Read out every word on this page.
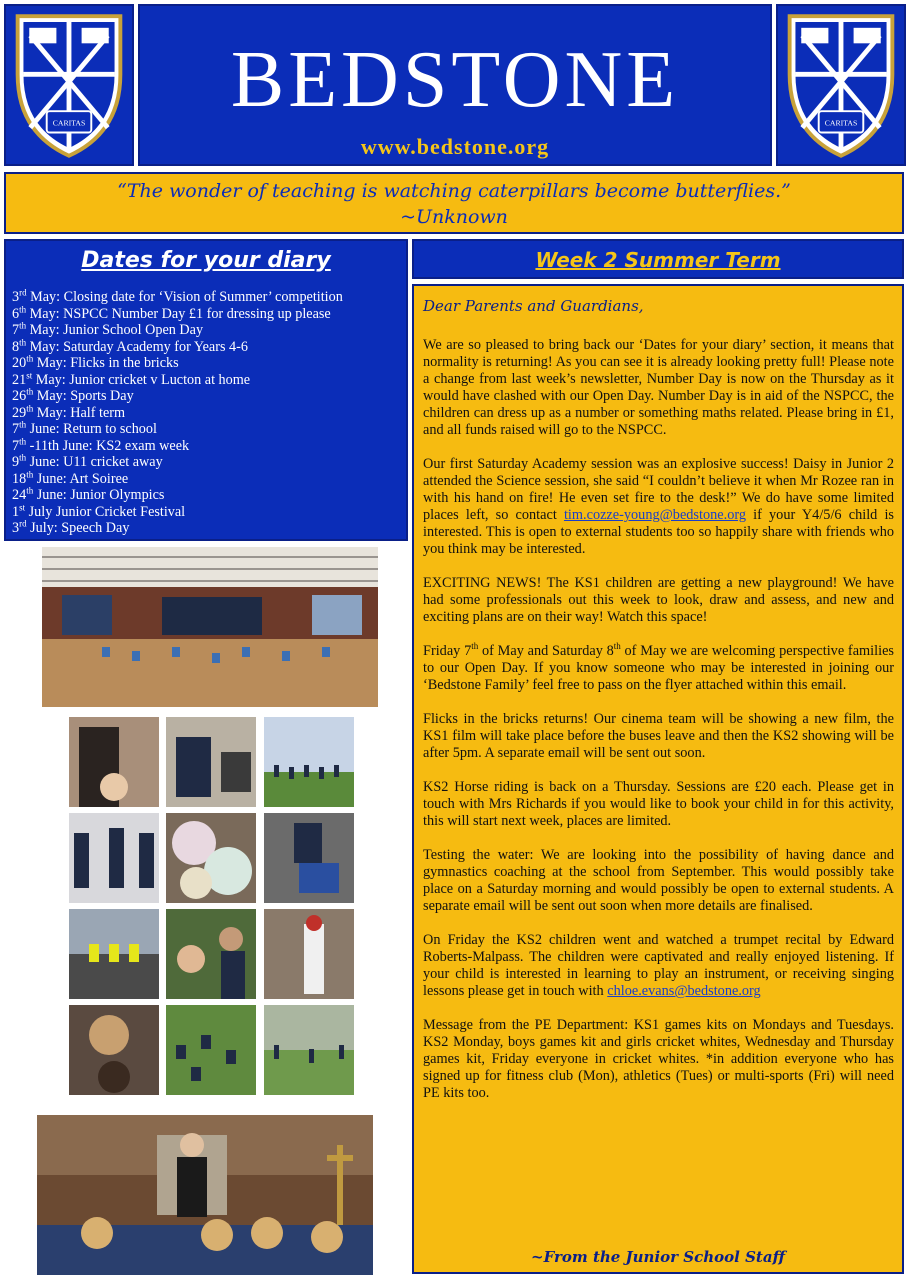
CARITAS	BEDSTONE
www.bedstone.org
CARITAS
“The wonder of teaching is watching caterpillars become butterflies.”
~Unknown
Dates for your diary
3rd May: Closing date for ‘Vision of Summer’ competition
6th May: NSPCC Number Day £1 for dressing up please
7th May: Junior School Open Day
8th May: Saturday Academy for Years 4-6
20th May: Flicks in the bricks
21st May: Junior cricket v Lucton at home
26th May: Sports Day
29th May: Half term
7th June: Return to school
7th -11th June: KS2 exam week
9th June: U11 cricket away
18th June: Art Soiree
24th June: Junior Olympics
1st July Junior Cricket Festival
3rd July: Speech Day
Week 2 Summer Term
Dear Parents and Guardians,

We are so pleased to bring back our ‘Dates for your diary’ section, it means that normality is returning! As you can see it is already looking pretty full! Please note a change from last week’s newsletter, Number Day is now on the Thursday as it would have clashed with our Open Day. Number Day is in aid of the NSPCC, the children can dress up as a number or something maths related. Please bring in £1, and all funds raised will go to the NSPCC.

Our first Saturday Academy session was an explosive success! Daisy in Junior 2 attended the Science session, she said “I couldn’t believe it when Mr Rozee ran in with his hand on fire! He even set fire to the desk!” We do have some limited places left, so contact tim.cozze-young@bedstone.org if your Y4/5/6 child is interested. This is open to external students too so happily share with friends who you think may be interested.

EXCITING NEWS! The KS1 children are getting a new playground! We have had some professionals out this week to look, draw and assess, and new and exciting plans are on their way! Watch this space!

Friday 7th of May and Saturday 8th of May we are welcoming perspective families to our Open Day. If you know someone who may be interested in joining our ‘Bedstone Family’ feel free to pass on the flyer attached within this email.

Flicks in the bricks returns! Our cinema team will be showing a new film, the KS1 film will take place before the buses leave and then the KS2 showing will be after 5pm. A separate email will be sent out soon.

KS2 Horse riding is back on a Thursday. Sessions are £20 each. Please get in touch with Mrs Richards if you would like to book your child in for this activity, this will start next week, places are limited.

Testing the water: We are looking into the possibility of having dance and gymnastics coaching at the school from September. This would possibly take place on a Saturday morning and would possibly be open to external students. A separate email will be sent out soon when more details are finalised.

On Friday the KS2 children went and watched a trumpet recital by Edward Roberts-Malpass. The children were captivated and really enjoyed listening. If your child is interested in learning to play an instrument, or receiving singing lessons please get in touch with chloe.evans@bedstone.org

Message from the PE Department: KS1 games kits on Mondays and Tuesdays. KS2 Monday, boys games kit and girls cricket whites, Wednesday and Thursday games kit, Friday everyone in cricket whites. *in addition everyone who has signed up for fitness club (Mon), athletics (Tues) or multi-sports (Fri) will need PE kits too.

~From the Junior School Staff
